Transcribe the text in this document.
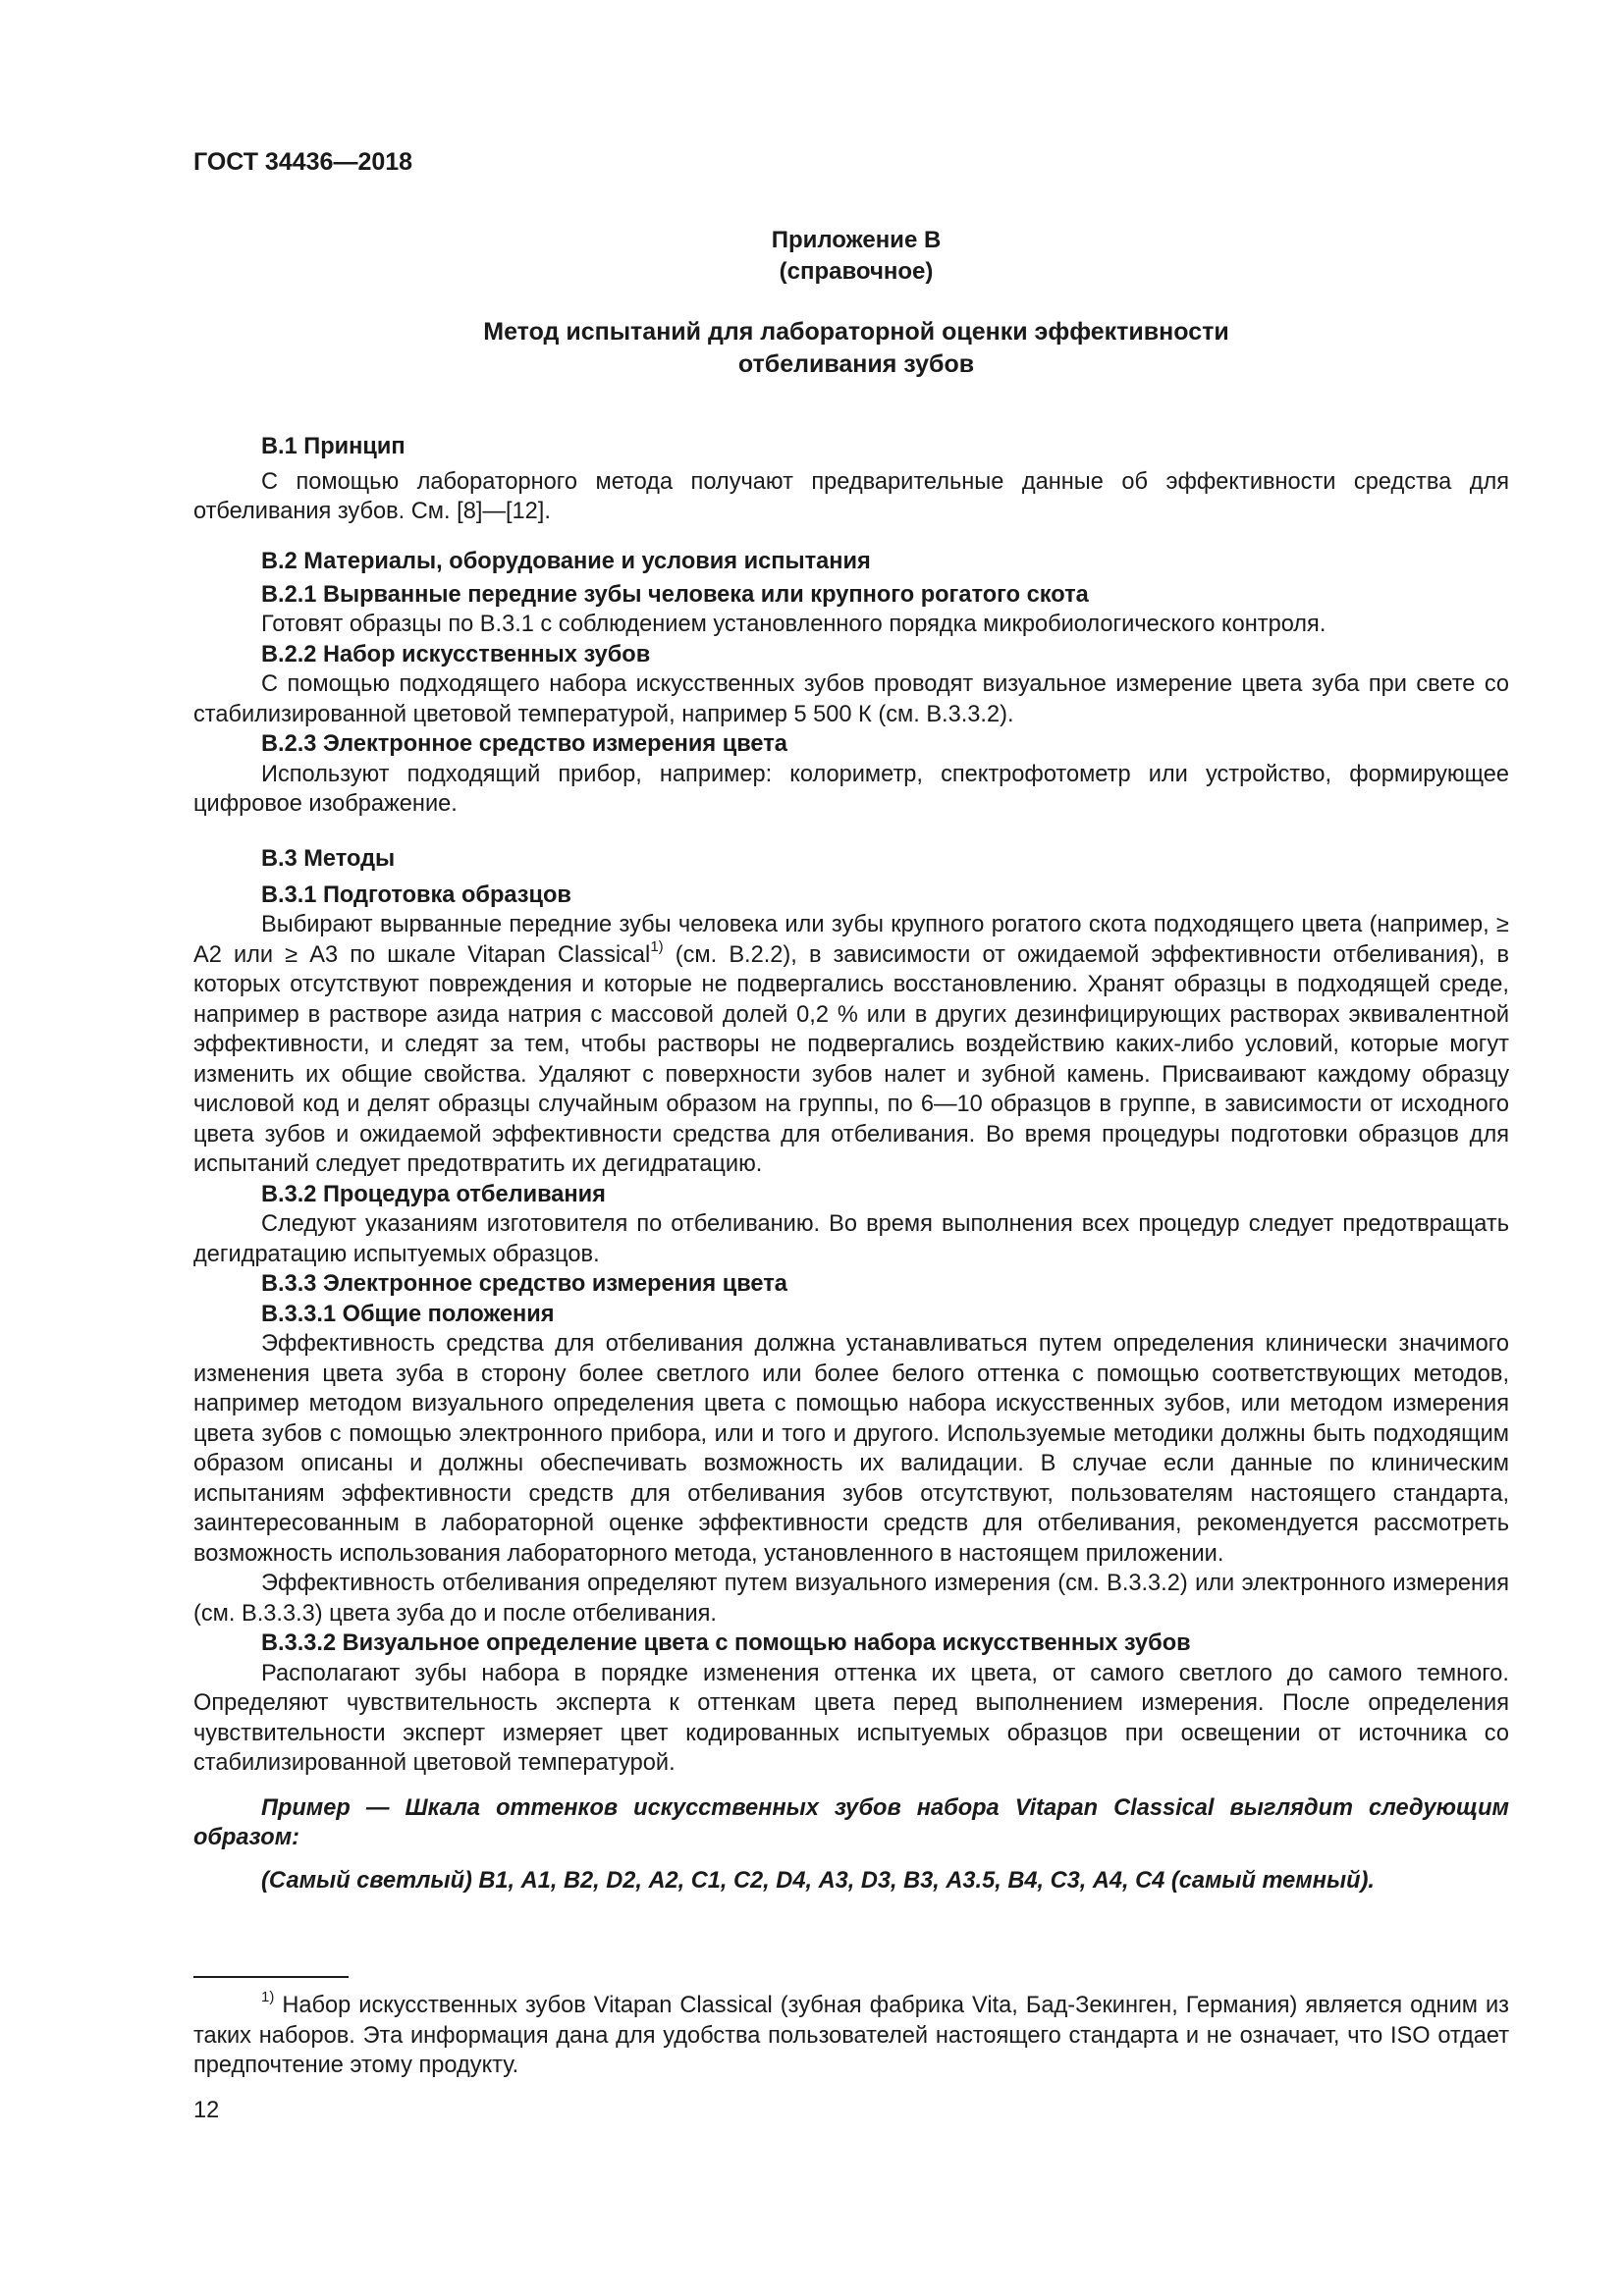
ГОСТ 34436—2018
Приложение В
(справочное)
Метод испытаний для лабораторной оценки эффективности
отбеливания зубов
В.1 Принцип
С помощью лабораторного метода получают предварительные данные об эффективности средства для отбеливания зубов. См. [8]—[12].
В.2 Материалы, оборудование и условия испытания
В.2.1 Вырванные передние зубы человека или крупного рогатого скота
Готовят образцы по В.3.1 с соблюдением установленного порядка микробиологического контроля.
В.2.2 Набор искусственных зубов
С помощью подходящего набора искусственных зубов проводят визуальное измерение цвета зуба при свете со стабилизированной цветовой температурой, например 5 500 К (см. В.3.3.2).
В.2.3 Электронное средство измерения цвета
Используют подходящий прибор, например: колориметр, спектрофотометр или устройство, формирующее цифровое изображение.
В.3 Методы
В.3.1 Подготовка образцов
Выбирают вырванные передние зубы человека или зубы крупного рогатого скота подходящего цвета (например, ≥ А2 или ≥ А3 по шкале Vitapan Classical$^{1)}$ (см. В.2.2), в зависимости от ожидаемой эффективности отбеливания), в которых отсутствуют повреждения и которые не подвергались восстановлению. Хранят образцы в подходящей среде, например в растворе азида натрия с массовой долей 0,2 % или в других дезинфицирующих растворах эквивалентной эффективности, и следят за тем, чтобы растворы не подвергались воздействию каких-либо условий, которые могут изменить их общие свойства. Удаляют с поверхности зубов налет и зубной камень. Присваивают каждому образцу числовой код и делят образцы случайным образом на группы, по 6—10 образцов в группе, в зависимости от исходного цвета зубов и ожидаемой эффективности средства для отбеливания. Во время процедуры подготовки образцов для испытаний следует предотвратить их дегидратацию.
В.3.2 Процедура отбеливания
Следуют указаниям изготовителя по отбеливанию. Во время выполнения всех процедур следует предотвращать дегидратацию испытуемых образцов.
В.3.3 Электронное средство измерения цвета
В.3.3.1 Общие положения
Эффективность средства для отбеливания должна устанавливаться путем определения клинически значимого изменения цвета зуба в сторону более светлого или более белого оттенка с помощью соответствующих методов, например методом визуального определения цвета с помощью набора искусственных зубов, или методом измерения цвета зубов с помощью электронного прибора, или и того и другого. Используемые методики должны быть подходящим образом описаны и должны обеспечивать возможность их валидации. В случае если данные по клиническим испытаниям эффективности средств для отбеливания зубов отсутствуют, пользователям настоящего стандарта, заинтересованным в лабораторной оценке эффективности средств для отбеливания, рекомендуется рассмотреть возможность использования лабораторного метода, установленного в настоящем приложении.
Эффективность отбеливания определяют путем визуального измерения (см. В.3.3.2) или электронного измерения (см. В.3.3.3) цвета зуба до и после отбеливания.
В.3.3.2 Визуальное определение цвета с помощью набора искусственных зубов
Располагают зубы набора в порядке изменения оттенка их цвета, от самого светлого до самого темного. Определяют чувствительность эксперта к оттенкам цвета перед выполнением измерения. После определения чувствительности эксперт измеряет цвет кодированных испытуемых образцов при освещении от источника со стабилизированной цветовой температурой.
Пример — Шкала оттенков искусственных зубов набора Vitapan Classical выглядит следующим образом:
(Самый светлый) В1, А1, В2, D2, А2, С1, С2, D4, А3, D3, В3, А3.5, В4, С3, А4, С4 (самый темный).
$^{1)}$ Набор искусственных зубов Vitapan Classical (зубная фабрика Vita, Бад-Зекинген, Германия) является одним из таких наборов. Эта информация дана для удобства пользователей настоящего стандарта и не означает, что ISO отдает предпочтение этому продукту.
12
